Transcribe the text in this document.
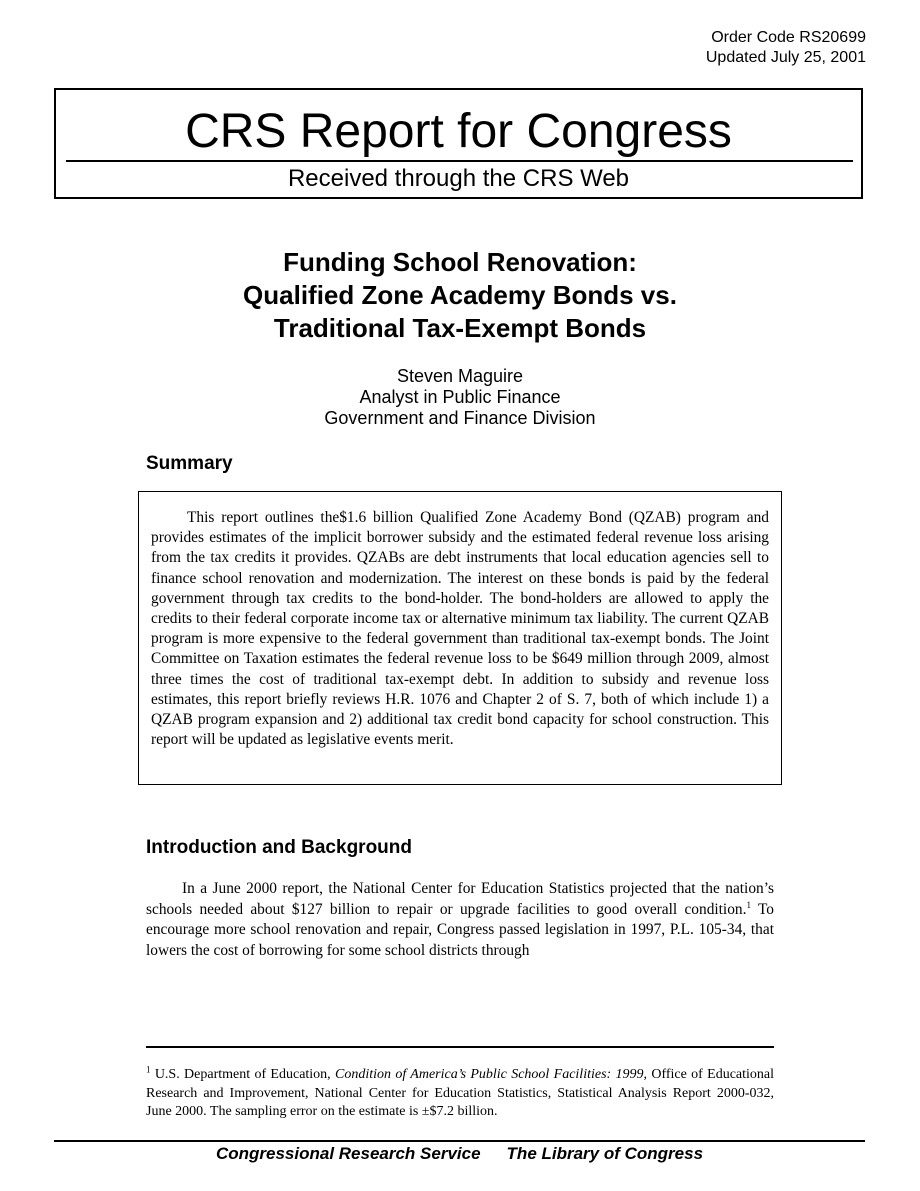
Order Code RS20699
Updated July 25, 2001
CRS Report for Congress
Received through the CRS Web
Funding School Renovation:
Qualified Zone Academy Bonds vs.
Traditional Tax-Exempt Bonds
Steven Maguire
Analyst in Public Finance
Government and Finance Division
Summary

This report outlines the$1.6 billion Qualified Zone Academy Bond (QZAB) program and provides estimates of the implicit borrower subsidy and the estimated federal revenue loss arising from the tax credits it provides. QZABs are debt instruments that local education agencies sell to finance school renovation and modernization. The interest on these bonds is paid by the federal government through tax credits to the bond-holder. The bond-holders are allowed to apply the credits to their federal corporate income tax or alternative minimum tax liability. The current QZAB program is more expensive to the federal government than traditional tax-exempt bonds. The Joint Committee on Taxation estimates the federal revenue loss to be $649 million through 2009, almost three times the cost of traditional tax-exempt debt. In addition to subsidy and revenue loss estimates, this report briefly reviews H.R. 1076 and Chapter 2 of S. 7, both of which include 1) a QZAB program expansion and 2) additional tax credit bond capacity for school construction. This report will be updated as legislative events merit.

Introduction and Background

In a June 2000 report, the National Center for Education Statistics projected that the nation’s schools needed about $127 billion to repair or upgrade facilities to good overall condition.$^1$ To encourage more school renovation and repair, Congress passed legislation in 1997, P.L. 105-34, that lowers the cost of borrowing for some school districts through

$^1$ U.S. Department of Education, Condition of America’s Public School Facilities: 1999, Office of Educational Research and Improvement, National Center for Education Statistics, Statistical Analysis Report 2000-032, June 2000. The sampling error on the estimate is ±$7.2 billion.

Congressional Research Service The Library of Congress
